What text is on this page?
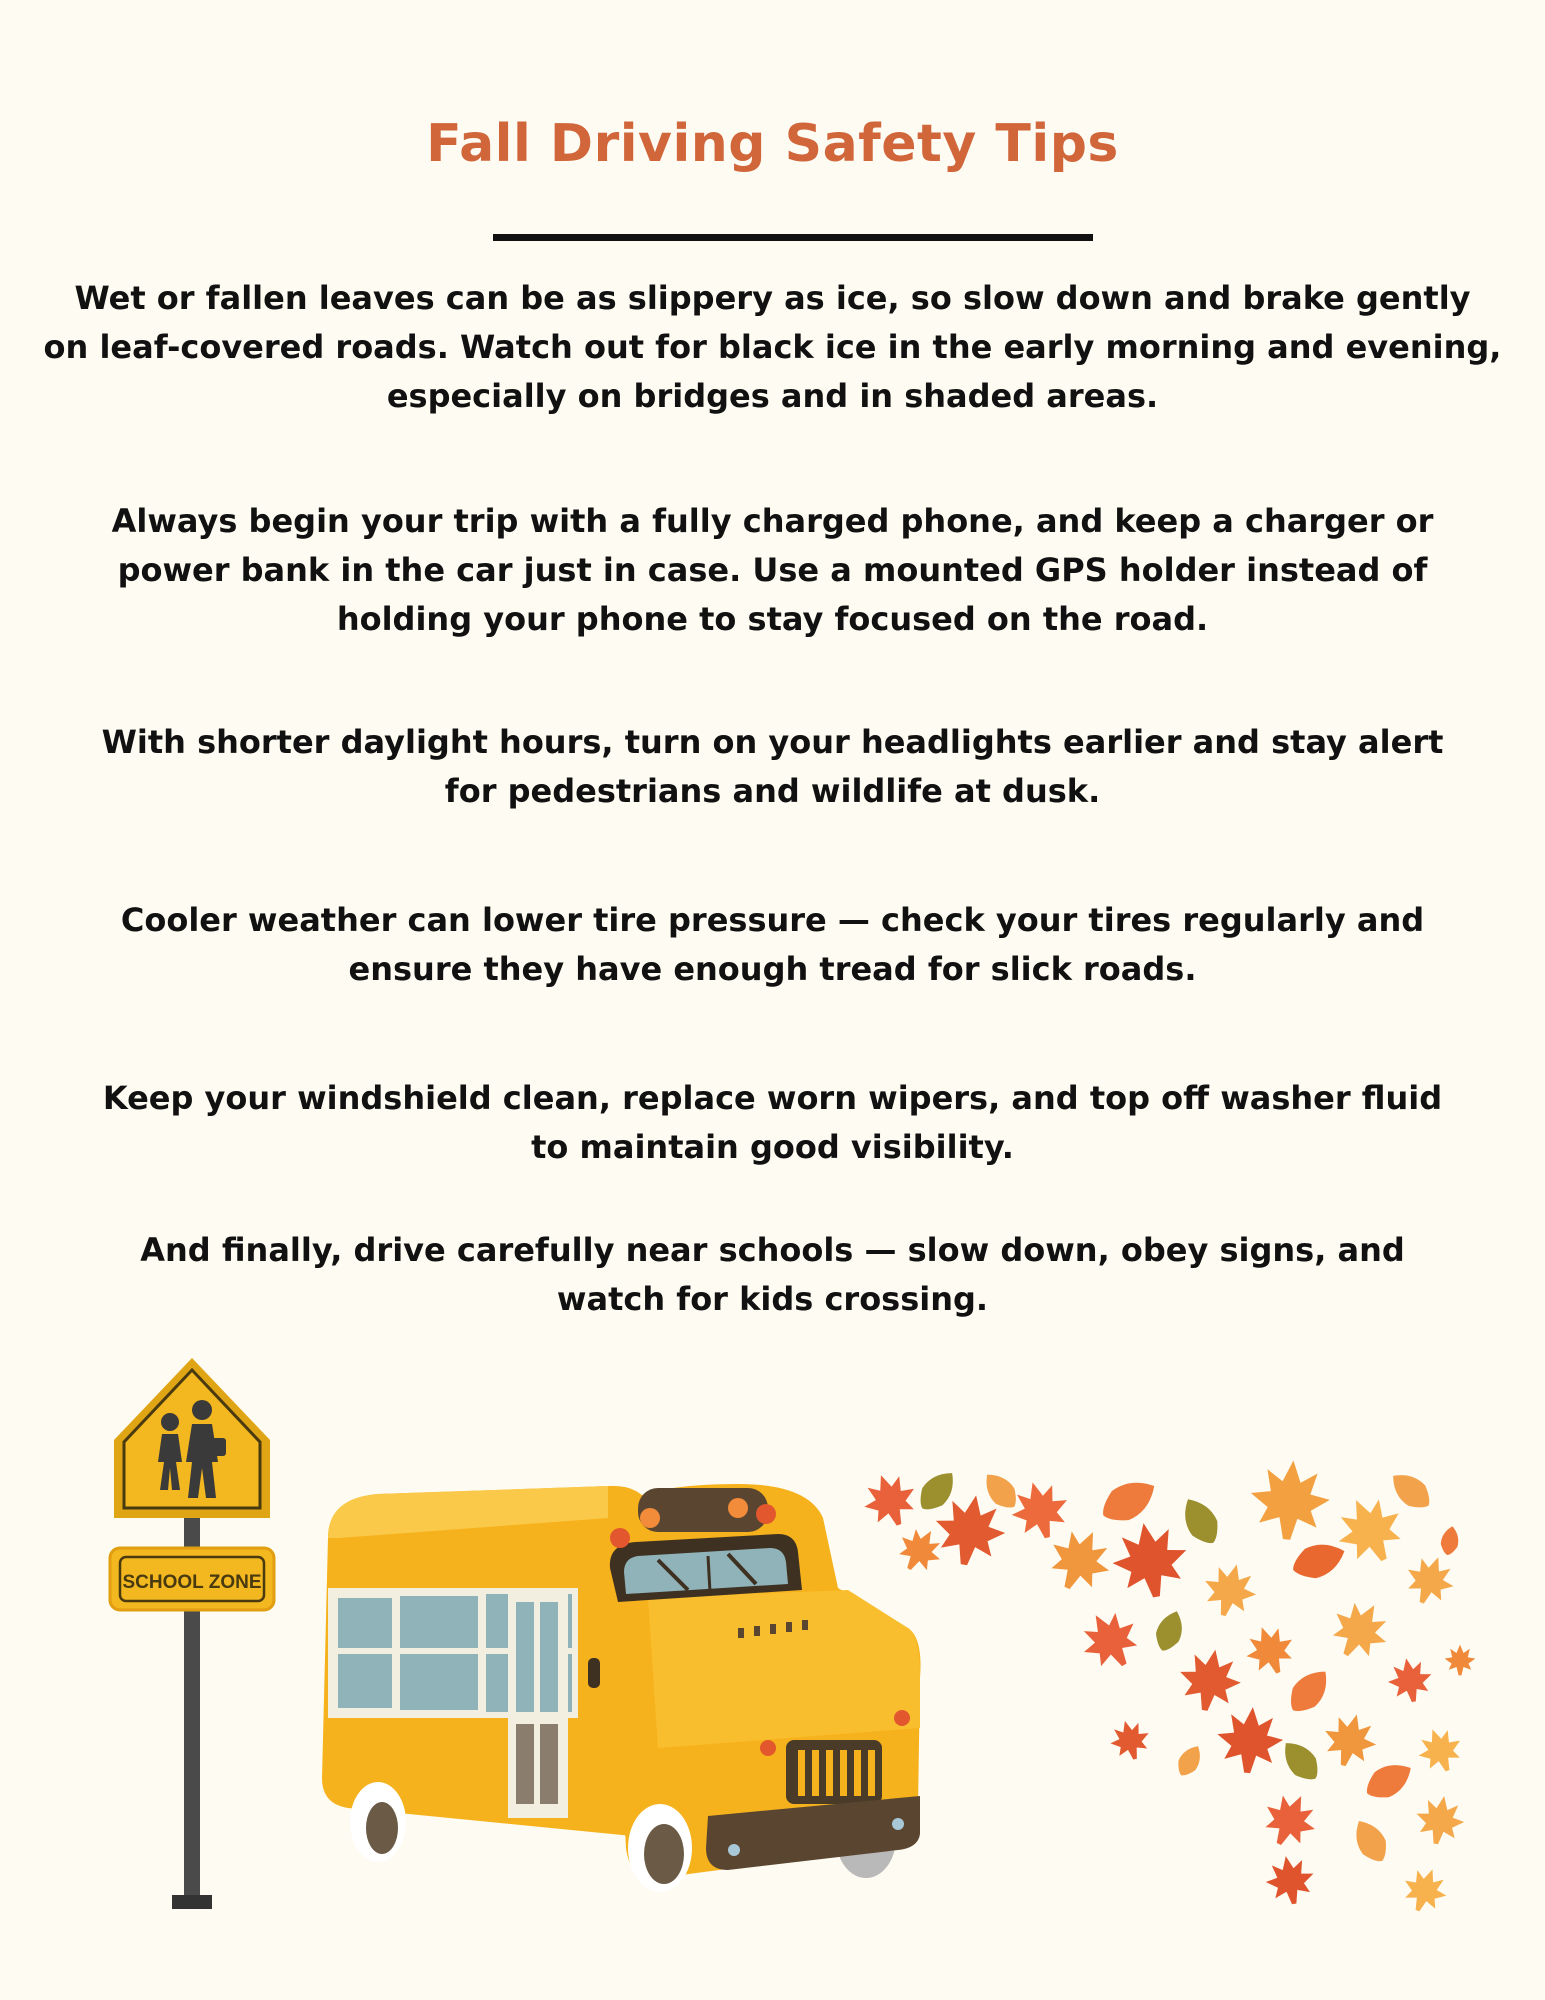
Fall Driving Safety Tips

Wet or fallen leaves can be as slippery as ice, so slow down and brake gently
on leaf-covered roads. Watch out for black ice in the early morning and evening,
especially on bridges and in shaded areas.

Always begin your trip with a fully charged phone, and keep a charger or
power bank in the car just in case. Use a mounted GPS holder instead of
holding your phone to stay focused on the road.

With shorter daylight hours, turn on your headlights earlier and stay alert
for pedestrians and wildlife at dusk.

Cooler weather can lower tire pressure — check your tires regularly and
ensure they have enough tread for slick roads.

Keep your windshield clean, replace worn wipers, and top off washer fluid
to maintain good visibility.

And finally, drive carefully near schools — slow down, obey signs, and
watch for kids crossing.

SCHOOL ZONE
